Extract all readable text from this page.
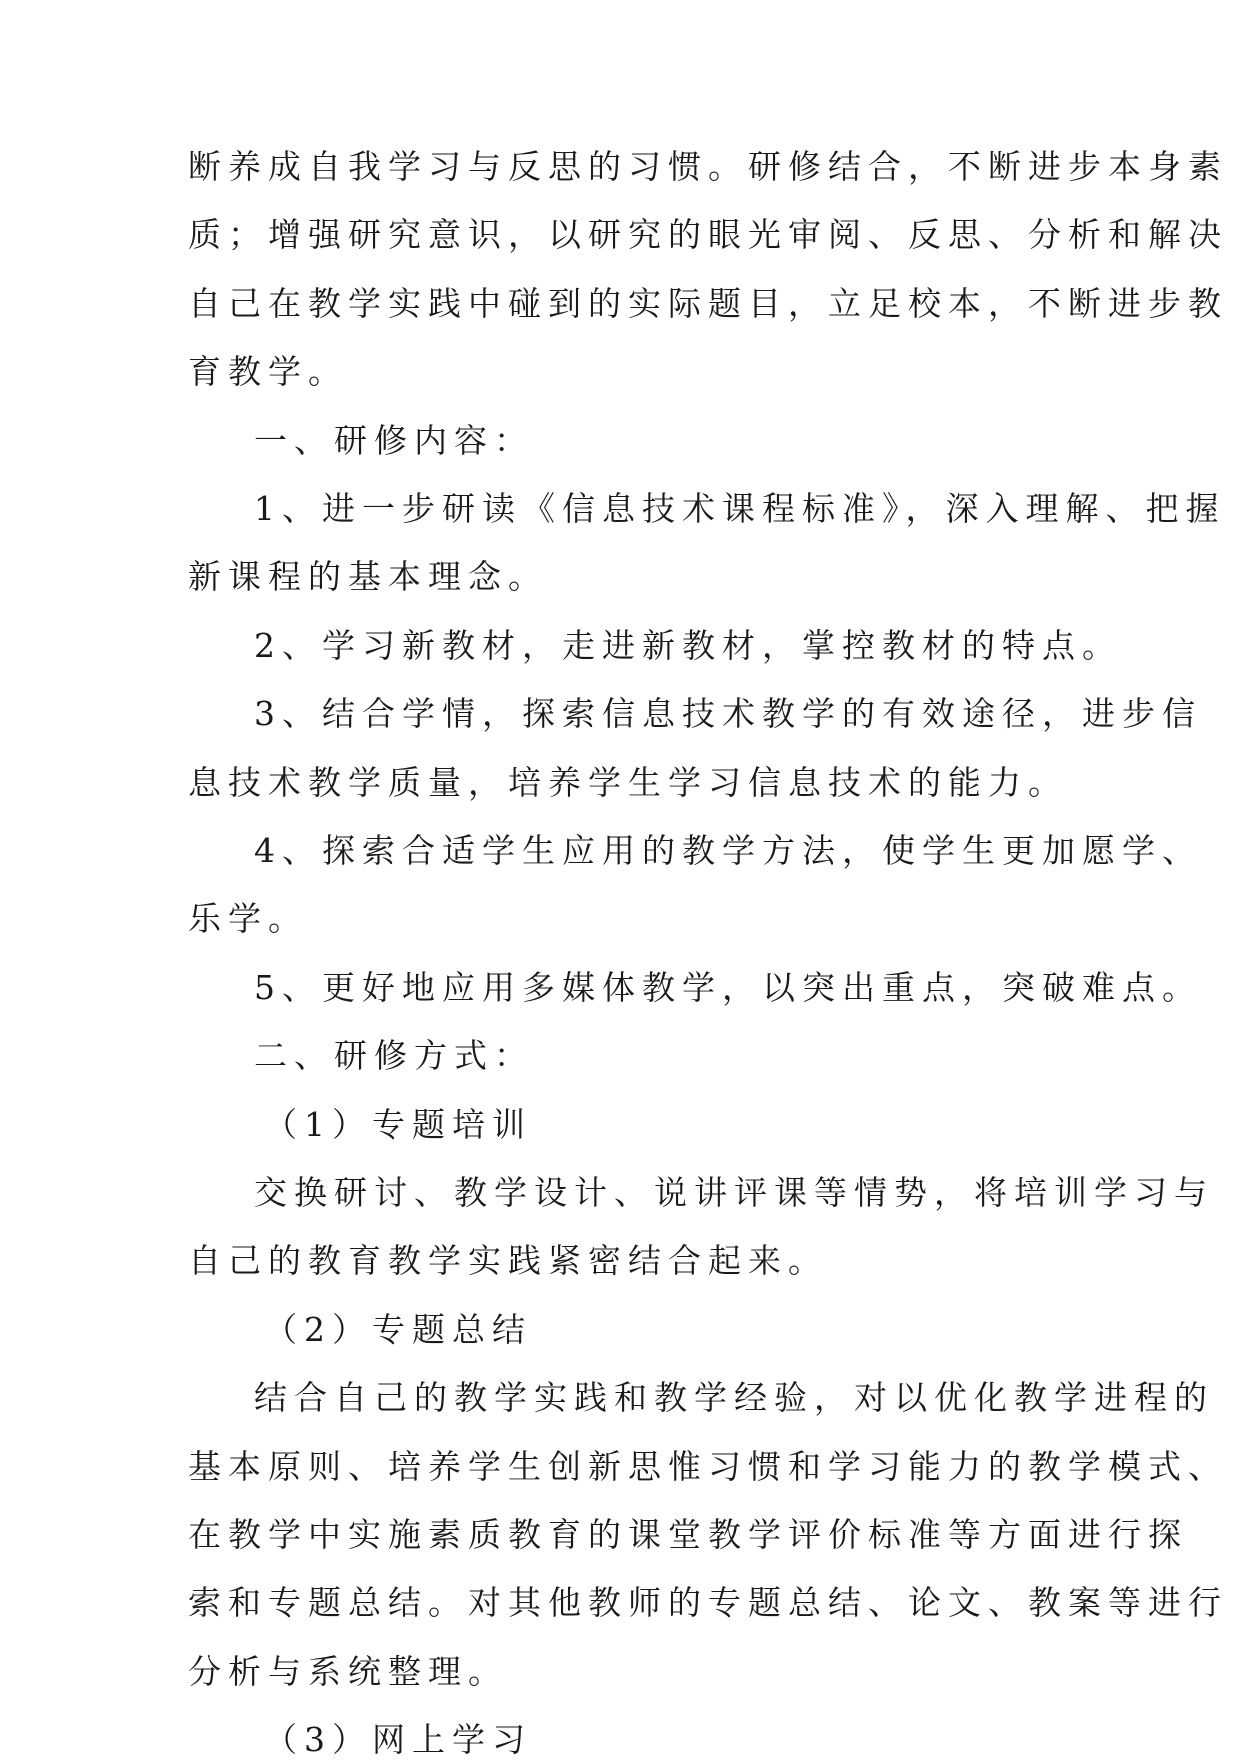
断养成自我学习与反思的习惯。研修结合，不断进步本身素
质；增强研究意识，以研究的眼光审阅、反思、分析和解决
自己在教学实践中碰到的实际题目，立足校本，不断进步教
育教学。
一、研修内容：
1、进一步研读《信息技术课程标准》，深入理解、把握
新课程的基本理念。
2、学习新教材，走进新教材，掌控教材的特点。
3、结合学情，探索信息技术教学的有效途径，进步信
息技术教学质量，培养学生学习信息技术的能力。
4、探索合适学生应用的教学方法，使学生更加愿学、
乐学。
5、更好地应用多媒体教学，以突出重点，突破难点。
二、研修方式：
（1）专题培训
交换研讨、教学设计、说讲评课等情势，将培训学习与
自己的教育教学实践紧密结合起来。
（2）专题总结
结合自己的教学实践和教学经验，对以优化教学进程的
基本原则、培养学生创新思惟习惯和学习能力的教学模式、
在教学中实施素质教育的课堂教学评价标准等方面进行探
索和专题总结。对其他教师的专题总结、论文、教案等进行
分析与系统整理。
（3）网上学习
